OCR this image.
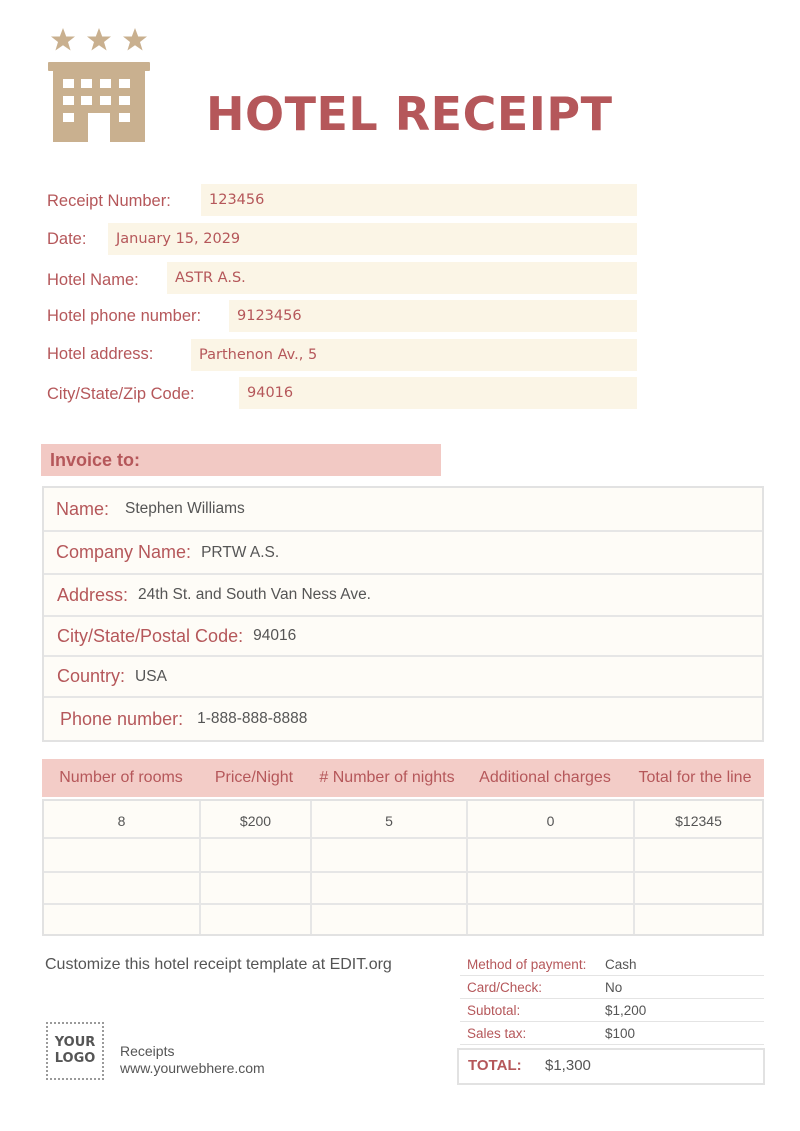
HOTEL RECEIPT
Receipt Number:	123456
Date:	January 15, 2029
Hotel Name:	ASTR A.S.
Hotel phone number:	9123456
Hotel address:	Parthenon Av., 5
City/State/Zip Code:	94016
Invoice to:
Name: Stephen Williams
Company Name: PRTW A.S.
Address: 24th St. and South Van Ness Ave.
City/State/Postal Code: 94016
Country: USA
Phone number: 1-888-888-8888
Number of rooms	Price/Night	# Number of nights	Additional charges	Total for the line
8	$200	5	0	$12345
Customize this hotel receipt template at EDIT.org
YOUR
LOGO	Receipts
www.yourwebhere.com
Method of payment: Cash
Card/Check:	No
Subtotal:	$1,200
Sales tax:	$100
TOTAL: $1,300
